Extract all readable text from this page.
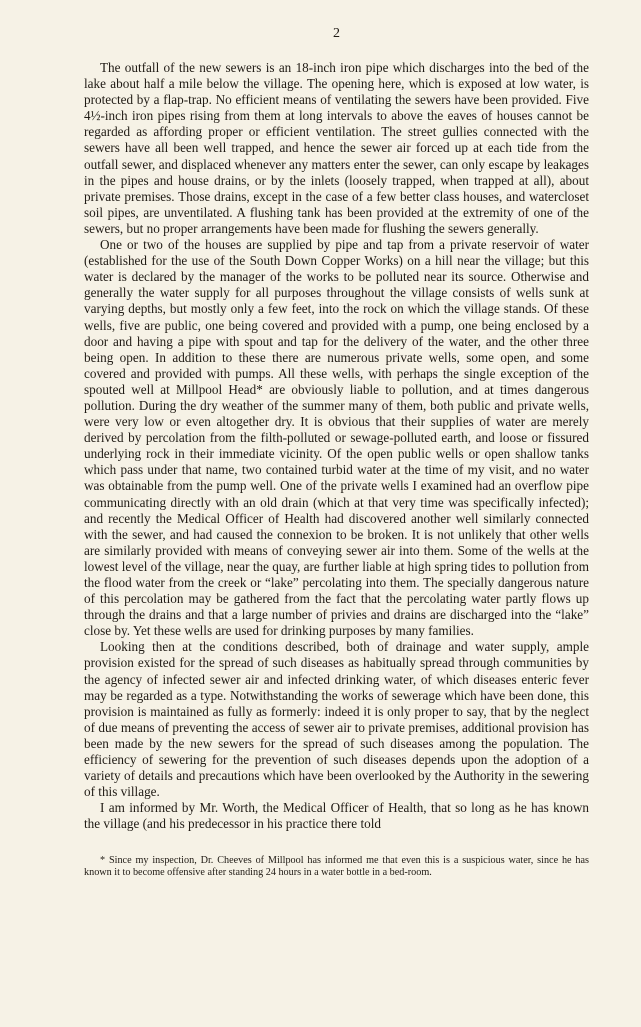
2

The outfall of the new sewers is an 18-inch iron pipe which discharges into the bed of the lake about half a mile below the village. The opening here, which is exposed at low water, is protected by a flap-trap. No efficient means of ventilating the sewers have been provided. Five 4½-inch iron pipes rising from them at long intervals to above the eaves of houses cannot be regarded as affording proper or efficient ventilation. The street gullies connected with the sewers have all been well trapped, and hence the sewer air forced up at each tide from the outfall sewer, and displaced whenever any matters enter the sewer, can only escape by leakages in the pipes and house drains, or by the inlets (loosely trapped, when trapped at all), about private premises. Those drains, except in the case of a few better class houses, and watercloset soil pipes, are unventilated. A flushing tank has been provided at the extremity of one of the sewers, but no proper arrangements have been made for flushing the sewers generally.

One or two of the houses are supplied by pipe and tap from a private reservoir of water (established for the use of the South Down Copper Works) on a hill near the village; but this water is declared by the manager of the works to be polluted near its source. Otherwise and generally the water supply for all purposes throughout the village consists of wells sunk at varying depths, but mostly only a few feet, into the rock on which the village stands. Of these wells, five are public, one being covered and provided with a pump, one being enclosed by a door and having a pipe with spout and tap for the delivery of the water, and the other three being open. In addition to these there are numerous private wells, some open, and some covered and provided with pumps. All these wells, with perhaps the single exception of the spouted well at Millpool Head* are obviously liable to pollution, and at times dangerous pollution. During the dry weather of the summer many of them, both public and private wells, were very low or even altogether dry. It is obvious that their supplies of water are merely derived by percolation from the filth-polluted or sewage-polluted earth, and loose or fissured underlying rock in their immediate vicinity. Of the open public wells or open shallow tanks which pass under that name, two contained turbid water at the time of my visit, and no water was obtainable from the pump well. One of the private wells I examined had an overflow pipe communicating directly with an old drain (which at that very time was specifically infected); and recently the Medical Officer of Health had discovered another well similarly connected with the sewer, and had caused the connexion to be broken. It is not unlikely that other wells are similarly provided with means of conveying sewer air into them. Some of the wells at the lowest level of the village, near the quay, are further liable at high spring tides to pollution from the flood water from the creek or “lake” percolating into them. The specially dangerous nature of this percolation may be gathered from the fact that the percolating water partly flows up through the drains and that a large number of privies and drains are discharged into the “lake” close by. Yet these wells are used for drinking purposes by many families.

Looking then at the conditions described, both of drainage and water supply, ample provision existed for the spread of such diseases as habitually spread through communities by the agency of infected sewer air and infected drinking water, of which diseases enteric fever may be regarded as a type. Notwithstanding the works of sewerage which have been done, this provision is maintained as fully as formerly: indeed it is only proper to say, that by the neglect of due means of preventing the access of sewer air to private premises, additional provision has been made by the new sewers for the spread of such diseases among the population. The efficiency of sewering for the prevention of such diseases depends upon the adoption of a variety of details and precautions which have been overlooked by the Authority in the sewering of this village.

I am informed by Mr. Worth, the Medical Officer of Health, that so long as he has known the village (and his predecessor in his practice there told

* Since my inspection, Dr. Cheeves of Millpool has informed me that even this is a suspicious water, since he has known it to become offensive after standing 24 hours in a water bottle in a bed-room.
